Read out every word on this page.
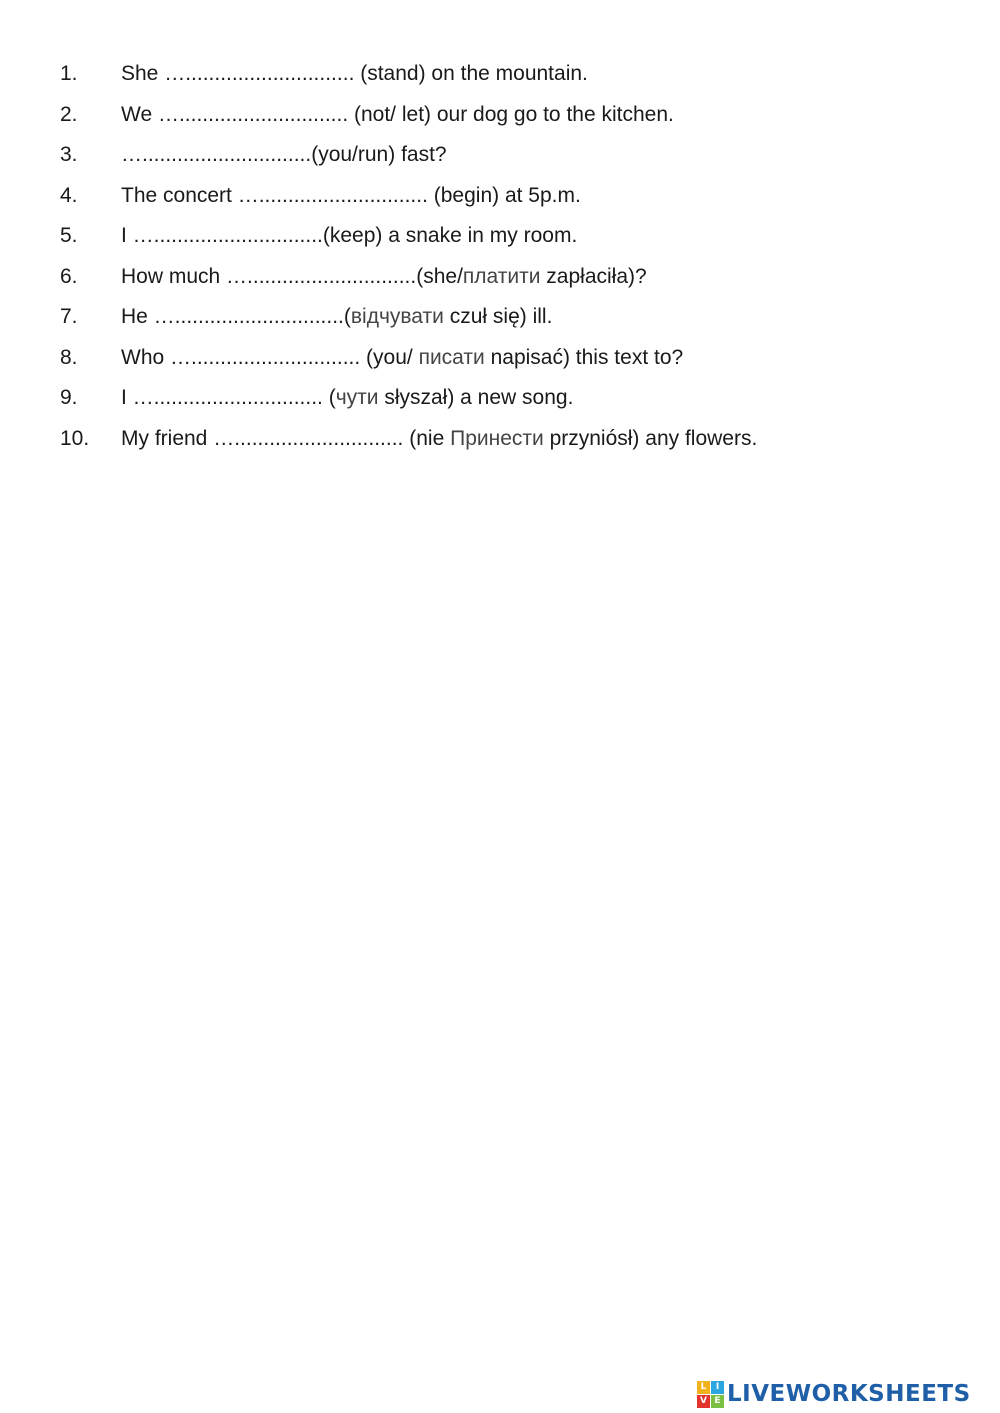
1. She …............................. (stand) on the mountain.
2. We …............................. (not/ let) our dog go to the kitchen.
3. ….............................(you/run) fast?
4. The concert …............................. (begin) at 5p.m.
5. I ….............................(keep) a snake in my room.
6. How much ….............................(she/платити zapłaciła)?
7. He ….............................(відчувати czuł się) ill.
8. Who …............................. (you/ писати napisać) this text to?
9. I …............................. (чути słyszał) a new song.
10. My friend …............................. (nie Принести przyniósł) any flowers.
L	I
V E LIVEWORKSHEETS
